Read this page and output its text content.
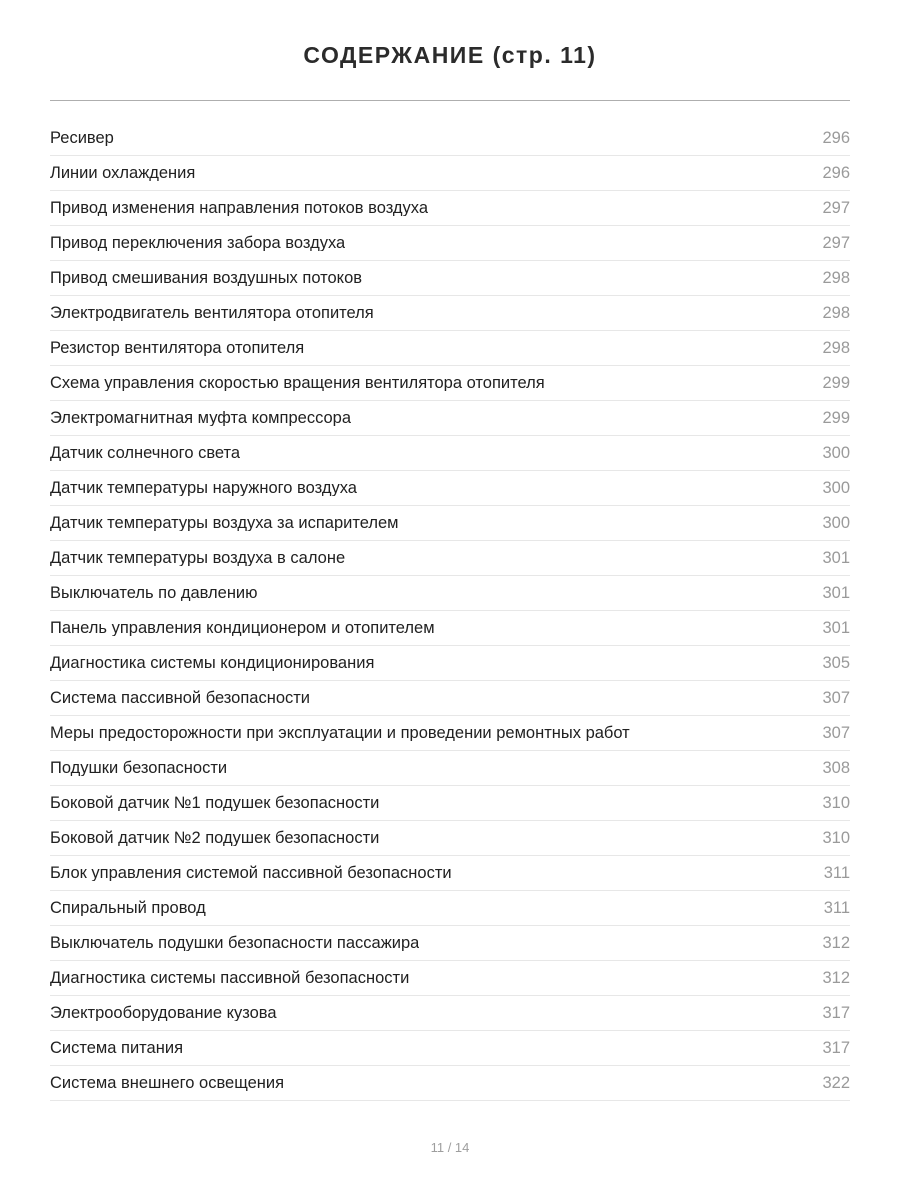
СОДЕРЖАНИЕ (стр. 11)
Ресивер	296
Линии охлаждения	296
Привод изменения направления потоков воздуха	297
Привод переключения забора воздуха	297
Привод смешивания воздушных потоков	298
Электродвигатель вентилятора отопителя	298
Резистор вентилятора отопителя	298
Схема управления скоростью вращения вентилятора отопителя	299
Электромагнитная муфта компрессора	299
Датчик солнечного света	300
Датчик температуры наружного воздуха	300
Датчик температуры воздуха за испарителем	300
Датчик температуры воздуха в салоне	301
Выключатель по давлению	301
Панель управления кондиционером и отопителем	301
Диагностика системы кондиционирования	305
Система пассивной безопасности	307
Меры предосторожности при эксплуатации и проведении ремонтных работ	307
Подушки безопасности	308
Боковой датчик №1 подушек безопасности	310
Боковой датчик №2 подушек безопасности	310
Блок управления системой пассивной безопасности	311
Спиральный провод	311
Выключатель подушки безопасности пассажира	312
Диагностика системы пассивной безопасности	312
Электрооборудование кузова	317
Система питания	317
Система внешнего освещения	322
11 / 14
